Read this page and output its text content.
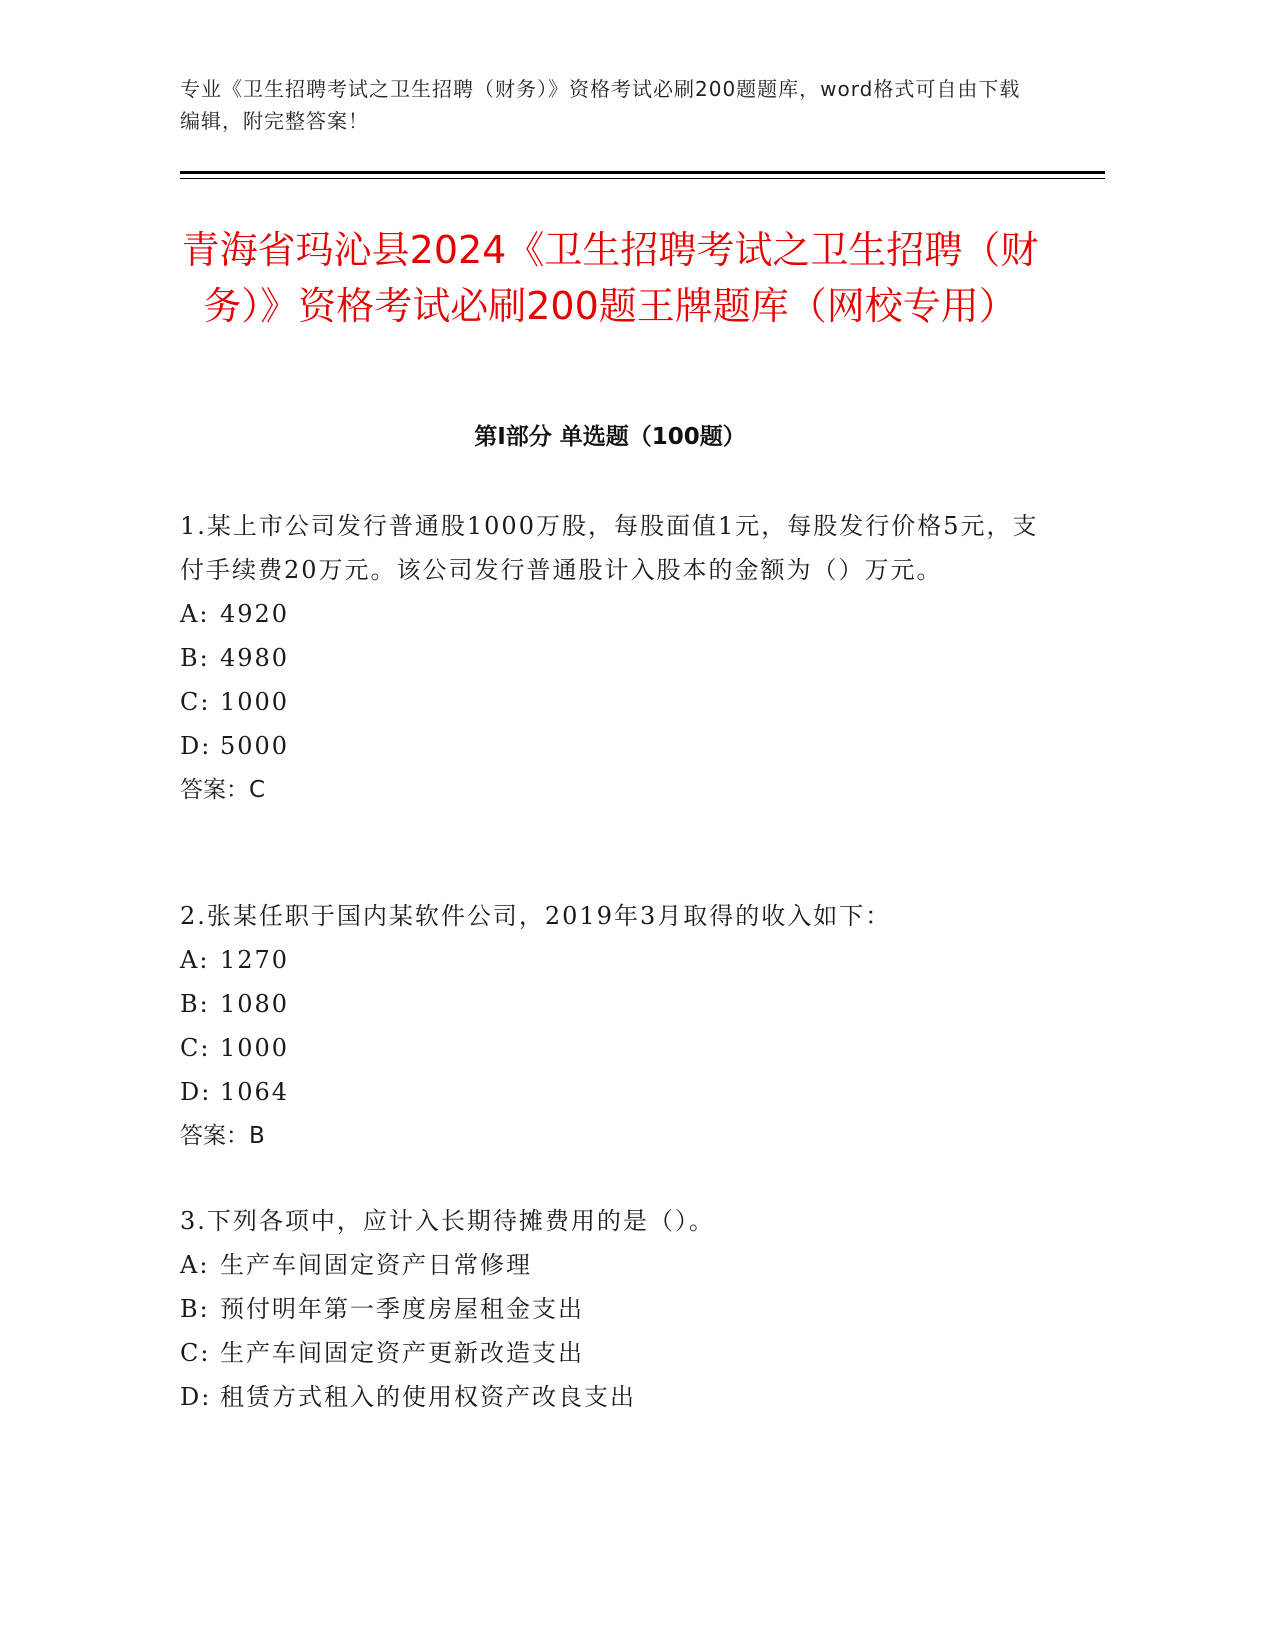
专业《卫生招聘考试之卫生招聘（财务）》资格考试必刷200题题库，word格式可自由下载编辑，附完整答案！
青海省玛沁县2024《卫生招聘考试之卫生招聘（财务）》资格考试必刷200题王牌题库（网校专用）
第I部分 单选题（100题）

1.某上市公司发行普通股1000万股，每股面值1元，每股发行价格5元，支付手续费20万元。该公司发行普通股计入股本的金额为（）万元。

A: 4920

B: 4980

C: 1000

D: 5000

答案：C

2.张某任职于国内某软件公司，2019年3月取得的收入如下：

A: 1270

B: 1080

C: 1000

D: 1064

答案：B

3.下列各项中，应计入长期待摊费用的是（）。

A: 生产车间固定资产日常修理

B: 预付明年第一季度房屋租金支出

C: 生产车间固定资产更新改造支出

D: 租赁方式租入的使用权资产改良支出
